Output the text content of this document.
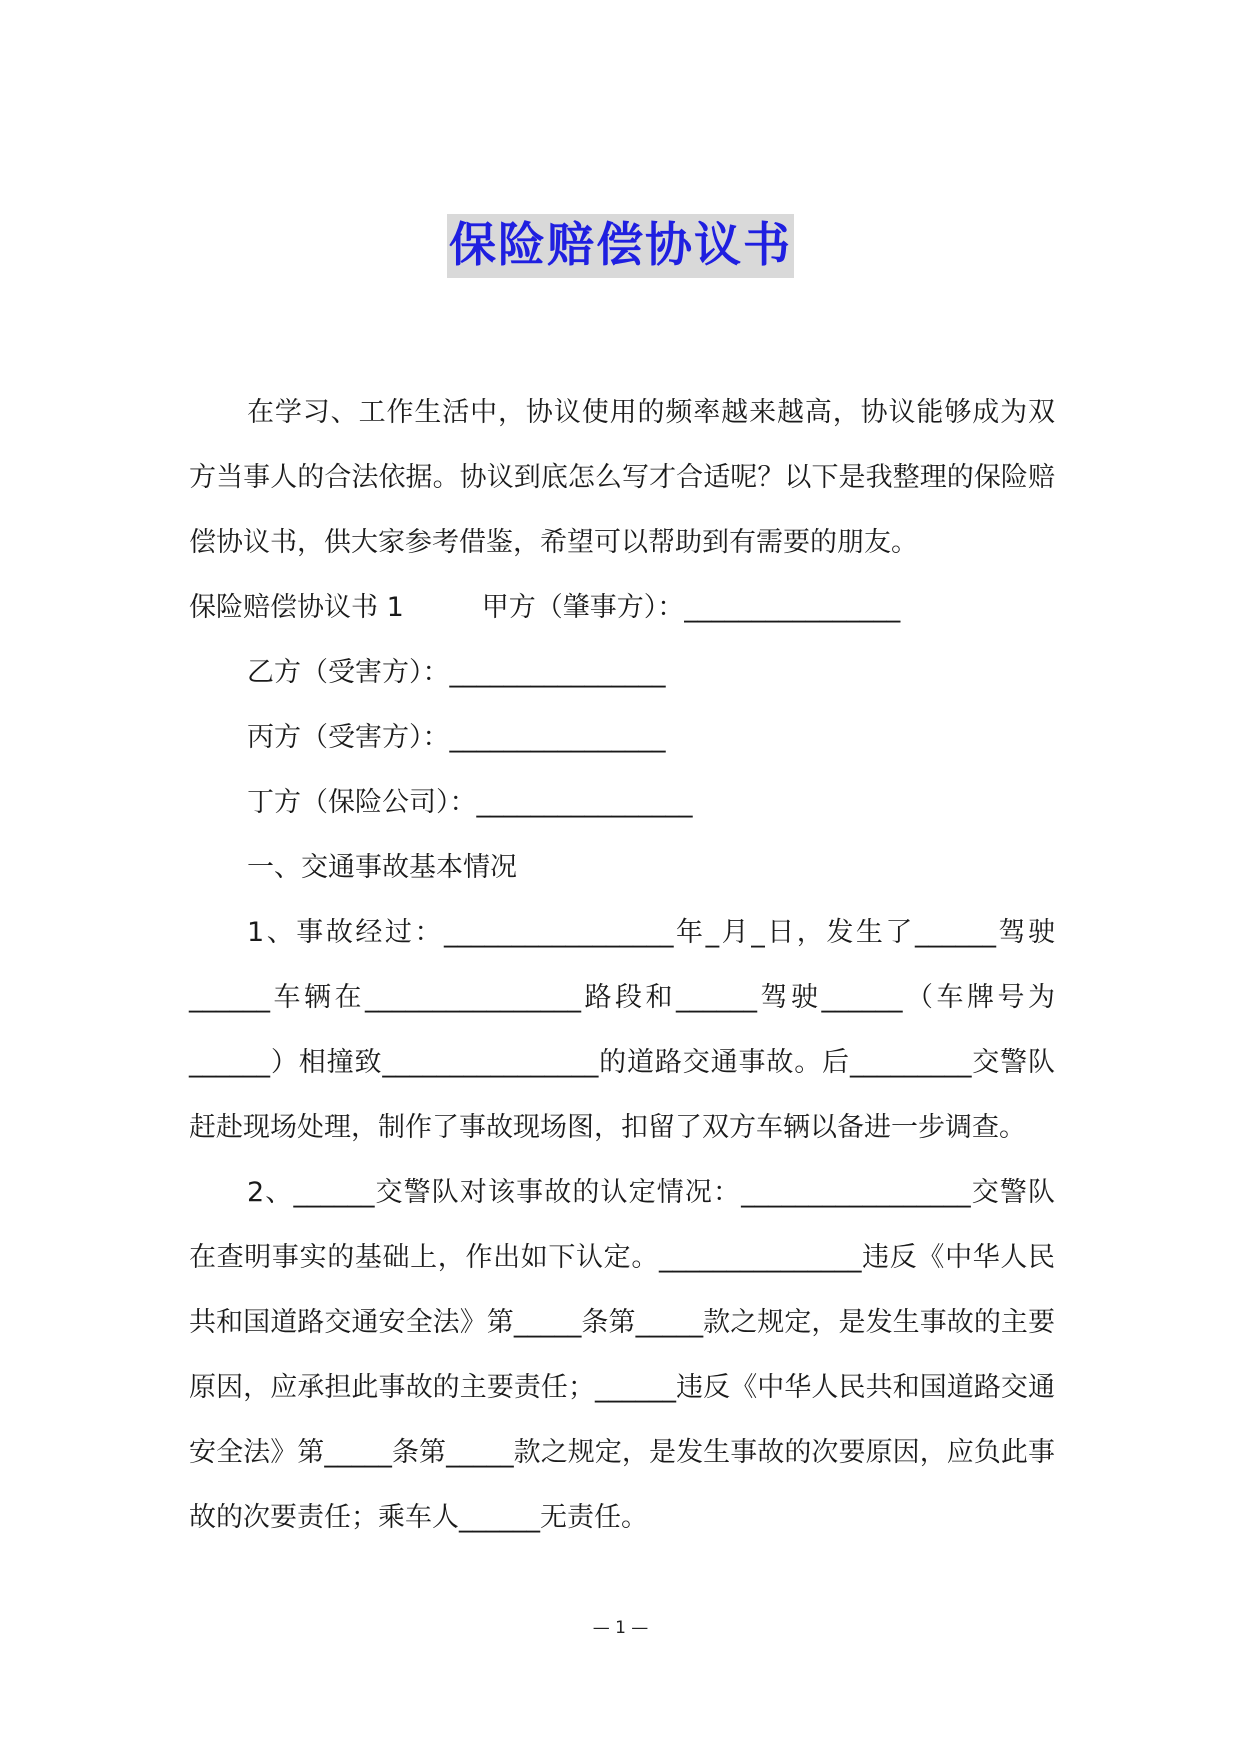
保险赔偿协议书

在学习、工作生活中，协议使用的频率越来越高，协议能够成为双方当事人的合法依据。协议到底怎么写才合适呢？以下是我整理的保险赔偿协议书，供大家参考借鉴，希望可以帮助到有需要的朋友。

保险赔偿协议书 1	甲方（肇事方）：________________

乙方（受害方）：________________

丙方（受害方）：________________

丁方（保险公司）：________________

一、交通事故基本情况

1、事故经过：_________________年_月_日，发生了______驾驶______车辆在________________路段和______驾驶______（车牌号为______）相撞致________________的道路交通事故。后_________交警队赶赴现场处理，制作了事故现场图，扣留了双方车辆以备进一步调查。

2、______交警队对该事故的认定情况：_________________交警队在查明事实的基础上，作出如下认定。_______________违反《中华人民共和国道路交通安全法》第_____条第_____款之规定，是发生事故的主要原因，应承担此事故的主要责任；______违反《中华人民共和国道路交通安全法》第_____条第_____款之规定，是发生事故的次要原因，应负此事故的次要责任；乘车人______无责任。

— 1 —
